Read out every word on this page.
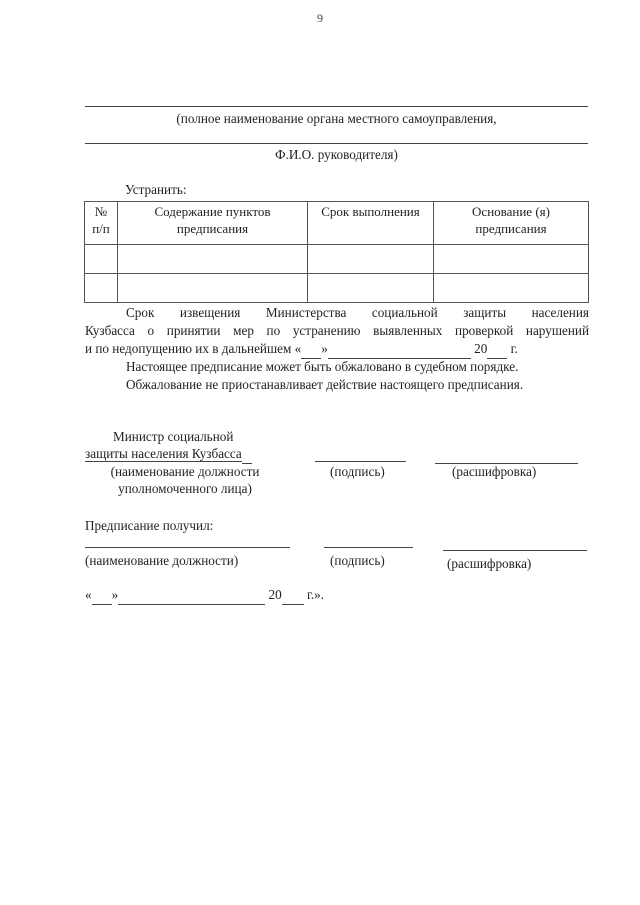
9
(полное наименование органа местного самоуправления,
Ф.И.О. руководителя)
Устранить:
№ п/п	Содержание пунктов предписания	Срок выполнения	Основание (я) предписания

Срок извещения Министерства социальной защиты населения
Кузбасса о принятии мер по устранению выявленных проверкой нарушений
и по недопущению их в дальнейшем « »	20 г.
Настоящее предписание может быть обжаловано в судебном порядке.
Обжалование не приостанавливает действие настоящего предписания.
Министр социальной
защиты населения Кузбасса
(наименование должности
уполномоченного лица)
(подпись)	(расшифровка)
Предписание получил:
(наименование должности)	(подпись)	(расшифровка)
« »	20 г.».
